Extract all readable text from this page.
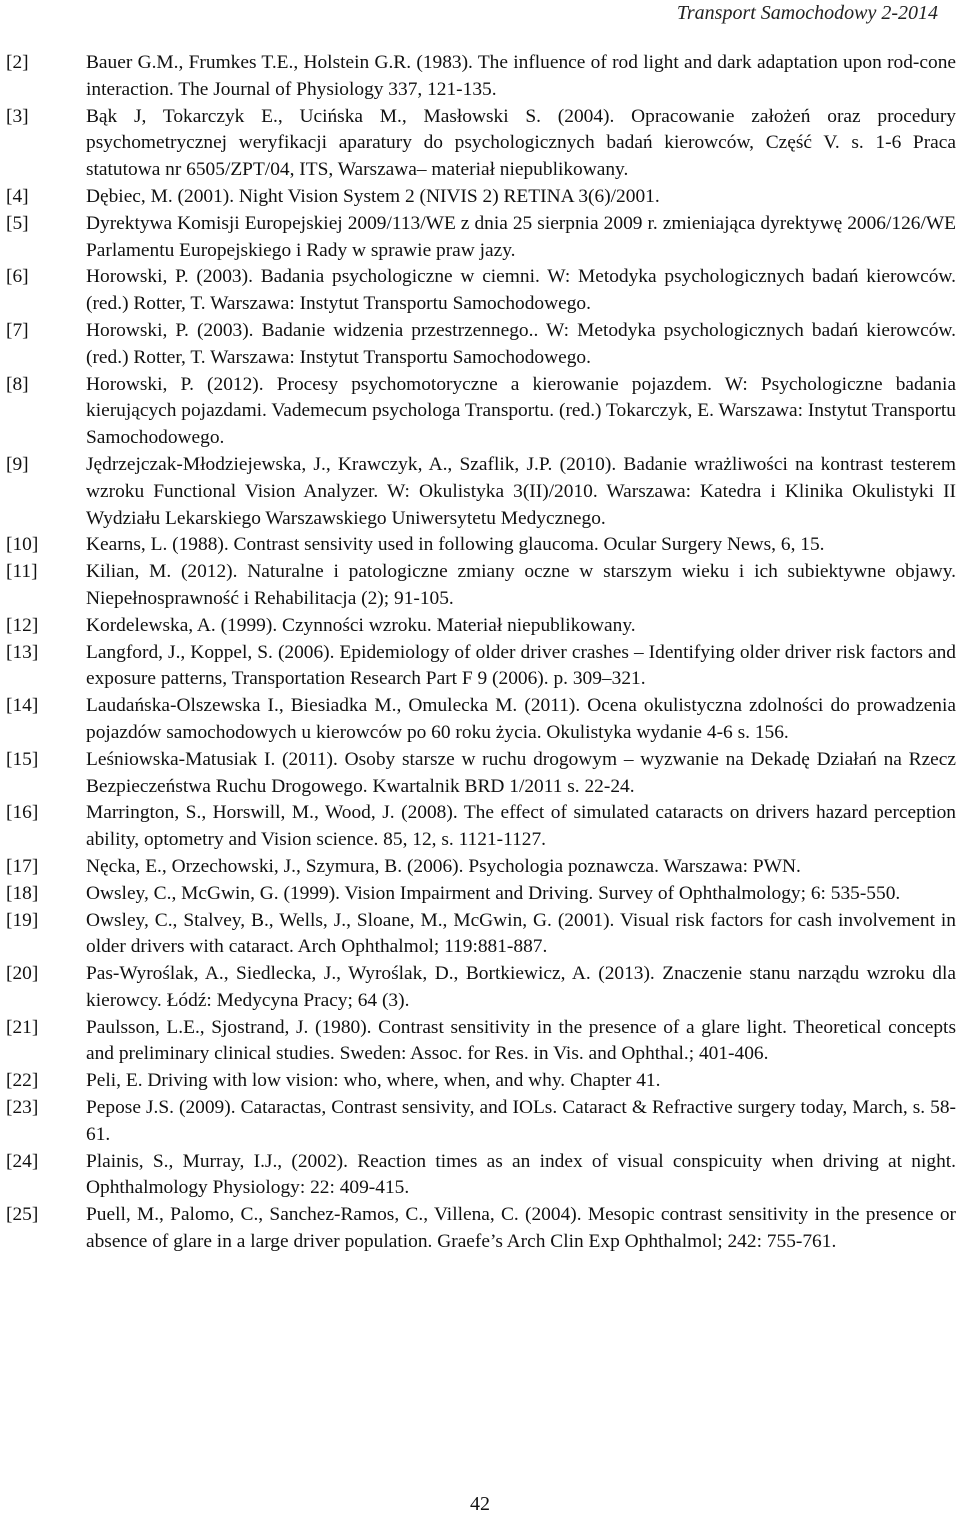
Transport Samochodowy 2-2014
[2]	Bauer G.M., Frumkes T.E., Holstein G.R. (1983). The influence of rod light and dark adaptation upon rod-cone interaction. The Journal of Physiology 337, 121-135.
[3]	Bąk J, Tokarczyk E., Ucińska M., Masłowski S. (2004). Opracowanie założeń oraz procedury psychometrycznej weryfikacji aparatury do psychologicznych badań kierowców, Część V. s. 1-6 Praca statutowa nr 6505/ZPT/04, ITS, Warszawa– materiał niepublikowany.
[4]	Dębiec, M. (2001). Night Vision System 2 (NIVIS 2) RETINA 3(6)/2001.
[5]	Dyrektywa Komisji Europejskiej 2009/113/WE z dnia 25 sierpnia 2009 r. zmieniająca dyrektywę 2006/126/WE Parlamentu Europejskiego i Rady w sprawie praw jazy.
[6]	Horowski, P. (2003). Badania psychologiczne w ciemni. W: Metodyka psychologicznych badań kierowców. (red.) Rotter, T. Warszawa: Instytut Transportu Samochodowego.
[7]	Horowski, P. (2003). Badanie widzenia przestrzennego.. W: Metodyka psychologicznych badań kierowców. (red.) Rotter, T. Warszawa: Instytut Transportu Samochodowego.
[8]	Horowski, P. (2012). Procesy psychomotoryczne a kierowanie pojazdem. W: Psychologiczne badania kierujących pojazdami. Vademecum psychologa Transportu. (red.) Tokarczyk, E. Warszawa: Instytut Transportu Samochodowego.
[9]	Jędrzejczak-Młodziejewska, J., Krawczyk, A., Szaflik, J.P. (2010). Badanie wrażliwości na kontrast testerem wzroku Functional Vision Analyzer. W: Okulistyka 3(II)/2010. Warszawa: Katedra i Klinika Okulistyki II Wydziału Lekarskiego Warszawskiego Uniwersytetu Medycznego.
[10]	Kearns, L. (1988). Contrast sensivity used in following glaucoma. Ocular Surgery News, 6, 15.
[11]	Kilian, M. (2012). Naturalne i patologiczne zmiany oczne w starszym wieku i ich subiektywne objawy. Niepełnosprawność i Rehabilitacja (2); 91-105.
[12]	Kordelewska, A. (1999). Czynności wzroku. Materiał niepublikowany.
[13]	Langford, J., Koppel, S. (2006). Epidemiology of older driver crashes – Identifying older driver risk factors and exposure patterns, Transportation Research Part F 9 (2006). p. 309–321.
[14]	Laudańska-Olszewska I., Biesiadka M., Omulecka M. (2011). Ocena okulistyczna zdolności do prowadzenia pojazdów samochodowych u kierowców po 60 roku życia. Okulistyka wydanie 4-6 s. 156.
[15]	Leśniowska-Matusiak I. (2011). Osoby starsze w ruchu drogowym – wyzwanie na Dekadę Działań na Rzecz Bezpieczeństwa Ruchu Drogowego. Kwartalnik BRD 1/2011 s. 22-24.
[16]	Marrington, S., Horswill, M., Wood, J. (2008). The effect of simulated cataracts on drivers hazard perception ability, optometry and Vision science. 85, 12, s. 1121-1127.
[17]	Nęcka, E., Orzechowski, J., Szymura, B. (2006). Psychologia poznawcza. Warszawa: PWN.
[18]	Owsley, C., McGwin, G. (1999). Vision Impairment and Driving. Survey of Ophthalmology; 6: 535-550.
[19]	Owsley, C., Stalvey, B., Wells, J., Sloane, M., McGwin, G. (2001). Visual risk factors for cash involvement in older drivers with cataract. Arch Ophthalmol; 119:881-887.
[20]	Pas-Wyroślak, A., Siedlecka, J., Wyroślak, D., Bortkiewicz, A. (2013). Znaczenie stanu narządu wzroku dla kierowcy. Łódź: Medycyna Pracy; 64 (3).
[21]	Paulsson, L.E., Sjostrand, J. (1980). Contrast sensitivity in the presence of a glare light. Theoretical concepts and preliminary clinical studies. Sweden: Assoc. for Res. in Vis. and Ophthal.; 401-406.
[22]	Peli, E. Driving with low vision: who, where, when, and why. Chapter 41.
[23]	Pepose J.S. (2009). Cataractas, Contrast sensivity, and IOLs. Cataract & Refractive surgery today, March, s. 58-61.
[24]	Plainis, S., Murray, I.J., (2002). Reaction times as an index of visual conspicuity when driving at night. Ophthalmology Physiology: 22: 409-415.
[25]	Puell, M., Palomo, C., Sanchez-Ramos, C., Villena, C. (2004). Mesopic contrast sensitivity in the presence or absence of glare in a large driver population. Graefe’s Arch Clin Exp Ophthalmol; 242: 755-761.
42
